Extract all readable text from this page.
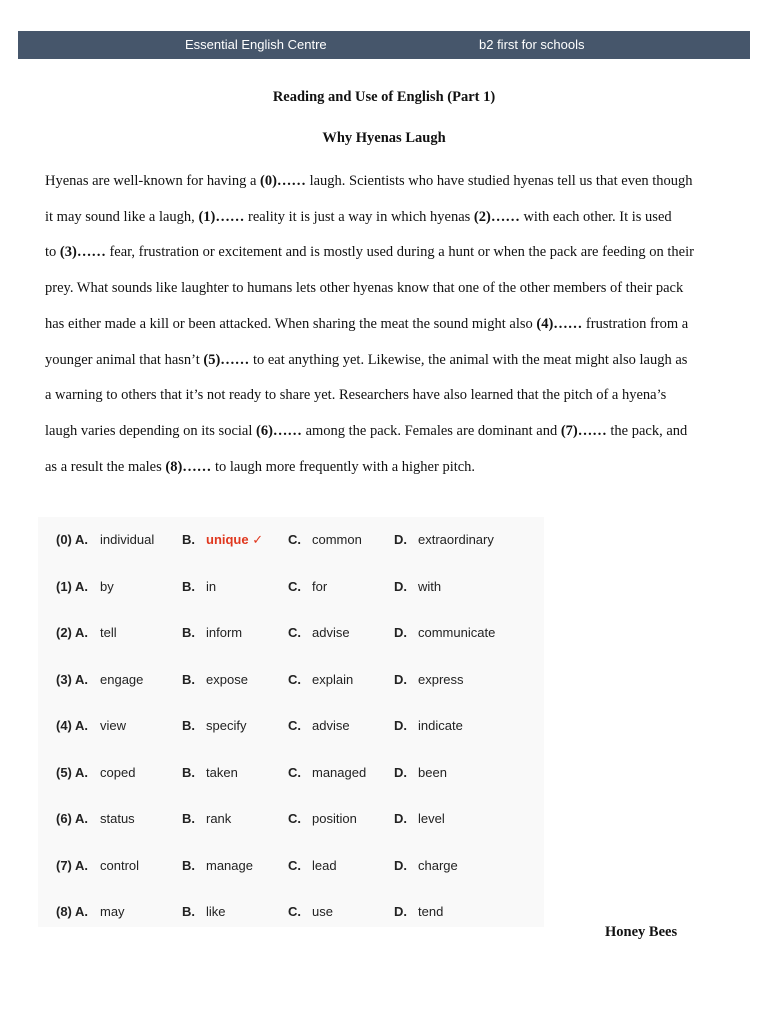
Essential English Centre	b2 first for schools
Reading and Use of English (Part 1)
Why Hyenas Laugh
Hyenas are well-known for having a (0)…… laugh. Scientists who have studied hyenas tell us that even though
it may sound like a laugh, (1)…… reality it is just a way in which hyenas (2)…… with each other. It is used
to (3)…… fear, frustration or excitement and is mostly used during a hunt or when the pack are feeding on their
prey. What sounds like laughter to humans lets other hyenas know that one of the other members of their pack
has either made a kill or been attacked. When sharing the meat the sound might also (4)…… frustration from a
younger animal that hasn’t (5)…… to eat anything yet. Likewise, the animal with the meat might also laugh as
a warning to others that it’s not ready to share yet. Researchers have also learned that the pitch of a hyena’s
laugh varies depending on its social (6)…… among the pack. Females are dominant and (7)…… the pack, and
as a result the males (8)…… to laugh more frequently with a higher pitch.
(0) A. individual B. unique ✓ C. common D. extraordinary
(1) A. by	B. in	C. for	D. with
(2) A. tell	B. inform	C. advise	D. communicate
(3) A. engage	B. expose	C. explain	D. express
(4) A. view	B. specify	C. advise	D. indicate
(5) A. coped	B. taken	C. managed D. been
(6) A. status	B. rank	C. position	D. level
(7) A. control	B. manage	C. lead	D. charge
(8) A. may	B. like	C. use	D. tend
Honey Bees
